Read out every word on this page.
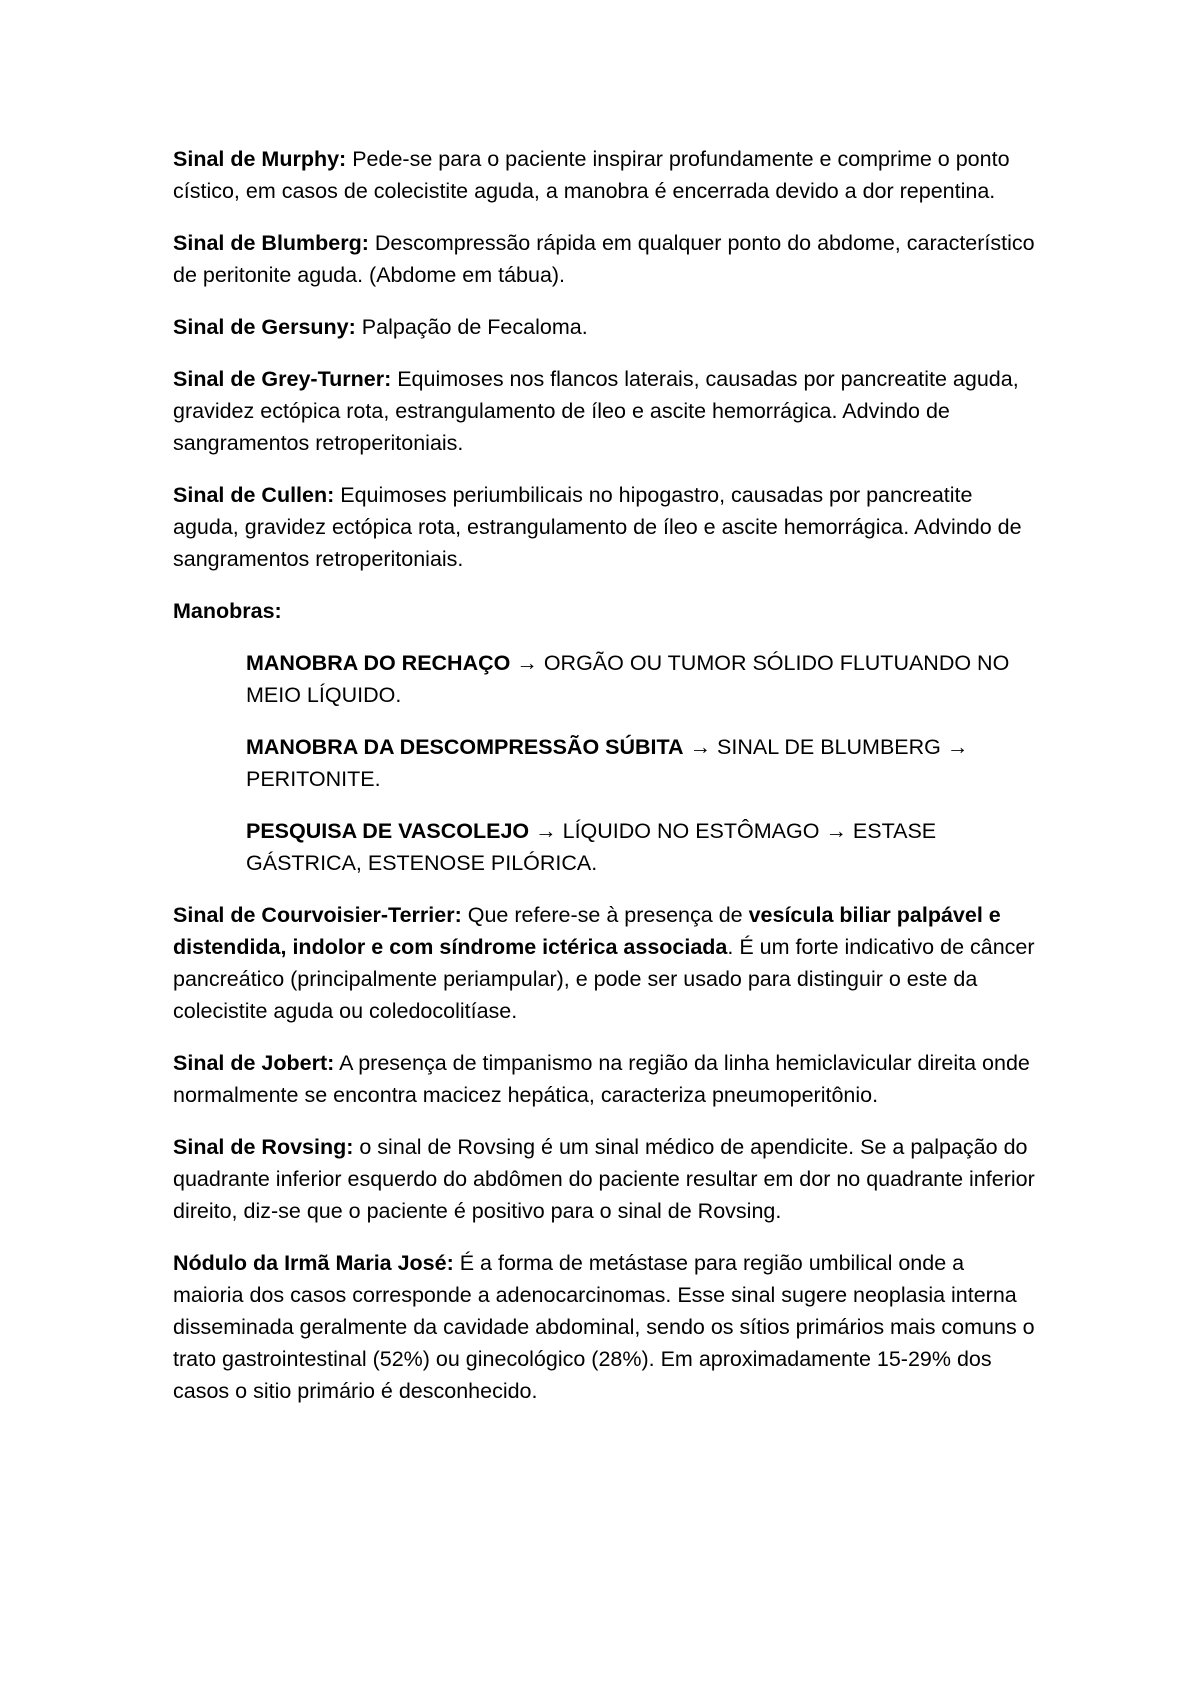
Sinal de Murphy: Pede-se para o paciente inspirar profundamente e comprime o ponto cístico, em casos de colecistite aguda, a manobra é encerrada devido a dor repentina.

Sinal de Blumberg: Descompressão rápida em qualquer ponto do abdome, característico de peritonite aguda. (Abdome em tábua).

Sinal de Gersuny: Palpação de Fecaloma.

Sinal de Grey-Turner: Equimoses nos flancos laterais, causadas por pancreatite aguda, gravidez ectópica rota, estrangulamento de íleo e ascite hemorrágica. Advindo de sangramentos retroperitoniais.

Sinal de Cullen: Equimoses periumbilicais no hipogastro, causadas por pancreatite aguda, gravidez ectópica rota, estrangulamento de íleo e ascite hemorrágica. Advindo de sangramentos retroperitoniais.

Manobras:

MANOBRA DO RECHAÇO → ORGÃO OU TUMOR SÓLIDO FLUTUANDO NO MEIO LÍQUIDO.

MANOBRA DA DESCOMPRESSÃO SÚBITA → SINAL DE BLUMBERG → PERITONITE.

PESQUISA DE VASCOLEJO → LÍQUIDO NO ESTÔMAGO → ESTASE GÁSTRICA, ESTENOSE PILÓRICA.

Sinal de Courvoisier-Terrier: Que refere-se à presença de vesícula biliar palpável e distendida, indolor e com síndrome ictérica associada. É um forte indicativo de câncer pancreático (principalmente periampular), e pode ser usado para distinguir o este da colecistite aguda ou coledocolitíase.

Sinal de Jobert: A presença de timpanismo na região da linha hemiclavicular direita onde normalmente se encontra macicez hepática, caracteriza pneumoperitônio.

Sinal de Rovsing: o sinal de Rovsing é um sinal médico de apendicite. Se a palpação do quadrante inferior esquerdo do abdômen do paciente resultar em dor no quadrante inferior direito, diz-se que o paciente é positivo para o sinal de Rovsing.

Nódulo da Irmã Maria José: É a forma de metástase para região umbilical onde a maioria dos casos corresponde a adenocarcinomas. Esse sinal sugere neoplasia interna disseminada geralmente da cavidade abdominal, sendo os sítios primários mais comuns o trato gastrointestinal (52%) ou ginecológico (28%). Em aproximadamente 15-29% dos casos o sitio primário é desconhecido.
